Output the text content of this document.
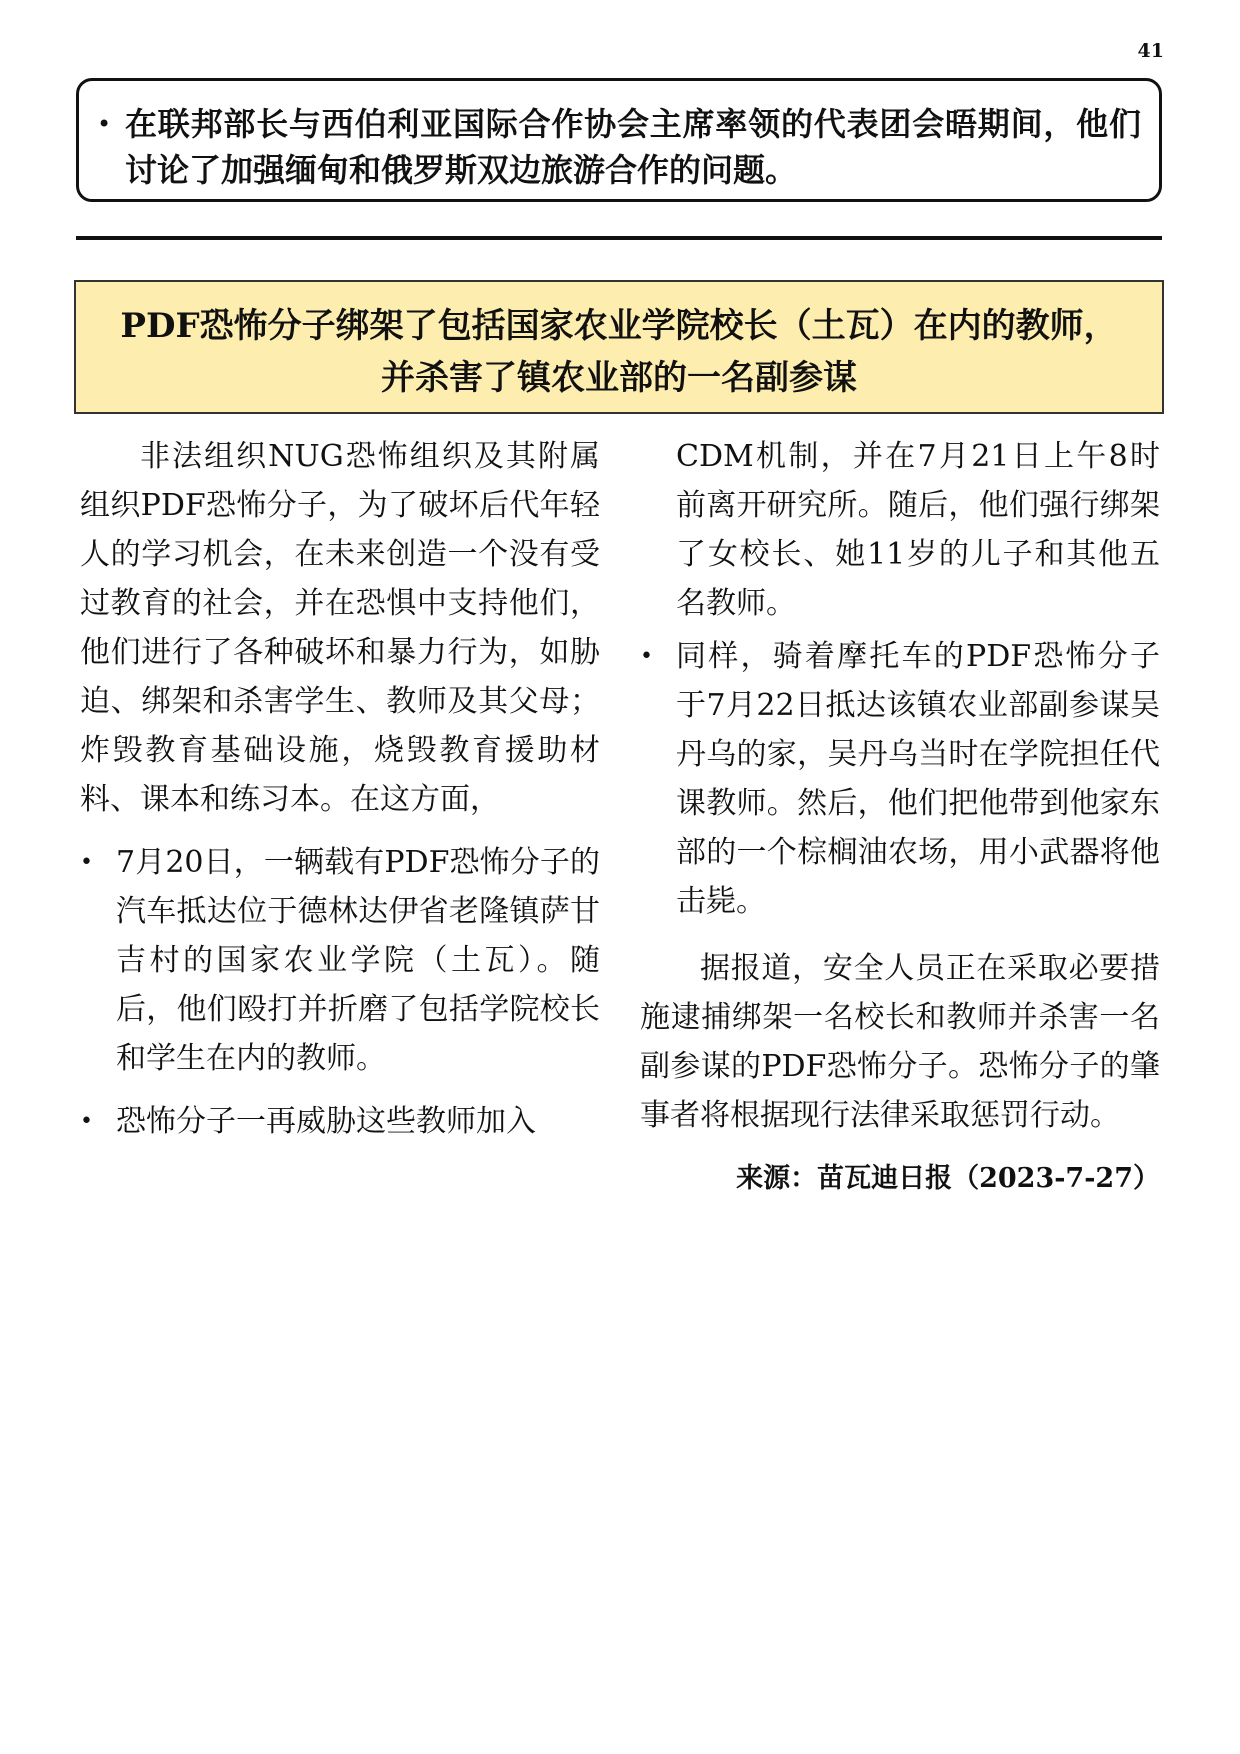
41
• 在联邦部长与西伯利亚国际合作协会主席率领的代表团会晤期间，他们讨论了加强缅甸和俄罗斯双边旅游合作的问题。
PDF恐怖分子绑架了包括国家农业学院校长（土瓦）在内的教师，
并杀害了镇农业部的一名副参谋
非法组织NUG恐怖组织及其附属组织PDF恐怖分子，为了破坏后代年轻人的学习机会，在未来创造一个没有受过教育的社会，并在恐惧中支持他们，他们进行了各种破坏和暴力行为，如胁迫、绑架和杀害学生、教师及其父母；炸毁教育基础设施，烧毁教育援助材料、课本和练习本。在这方面，
• 7月20日，一辆载有PDF恐怖分子的汽车抵达位于德林达伊省老隆镇萨甘吉村的国家农业学院（土瓦）。随后，他们殴打并折磨了包括学院校长和学生在内的教师。
• 恐怖分子一再威胁这些教师加入
CDM机制，并在7月21日上午8时前离开研究所。随后，他们强行绑架了女校长、她11岁的儿子和其他五名教师。
• 同样，骑着摩托车的PDF恐怖分子于7月22日抵达该镇农业部副参谋吴丹乌的家，吴丹乌当时在学院担任代课教师。然后，他们把他带到他家东部的一个棕榈油农场，用小武器将他击毙。
据报道，安全人员正在采取必要措施逮捕绑架一名校长和教师并杀害一名副参谋的PDF恐怖分子。恐怖分子的肇事者将根据现行法律采取惩罚行动。
来源：苗瓦迪日报（2023-7-27）
